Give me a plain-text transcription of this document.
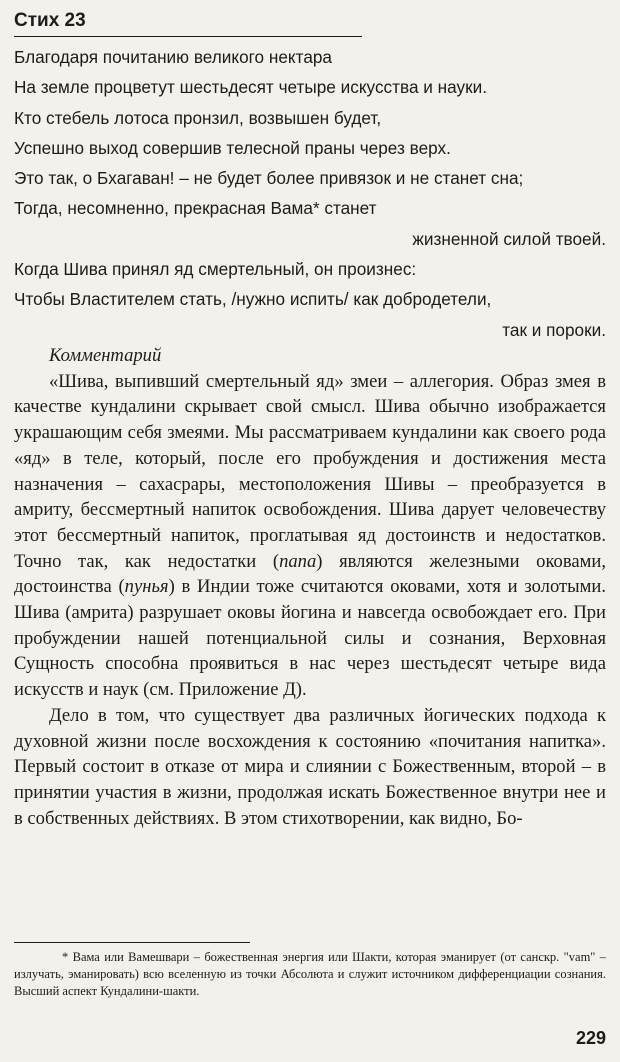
Стих 23
Благодаря почитанию великого нектара
На земле процветут шестьдесят четыре искусства и науки.
Кто стебель лотоса пронзил, возвышен будет,
Успешно выход совершив телесной праны через верх.
Это так, о Бхагаван! – не будет более привязок и не станет сна;
Тогда, несомненно, прекрасная Вама* станет
жизненной силой твоей.
Когда Шива принял яд смертельный, он произнес:
Чтобы Властителем стать, /нужно испить/ как добродетели,
так и пороки.

Комментарий

«Шива, выпивший смертельный яд» змеи – аллегория. Образ змея в качестве кундалини скрывает свой смысл. Шива обычно изображается украшающим себя змеями. Мы рассматриваем кундалини как своего рода «яд» в теле, который, после его пробуждения и достижения места назначения – сахасрары, местоположения Шивы – преобразуется в амриту, бессмертный напиток освобождения. Шива дарует человечеству этот бессмертный напиток, проглатывая яд достоинств и недостатков. Точно так, как недостатки (папа) являются железными оковами, достоинства (пунья) в Индии тоже считаются оковами, хотя и золотыми. Шива (амрита) разрушает оковы йогина и навсегда освобождает его. При пробуждении нашей потенциальной силы и сознания, Верховная Сущность способна проявиться в нас через шестьдесят четыре вида искусств и наук (см. Приложение Д).

Дело в том, что существует два различных йогических подхода к духовной жизни после восхождения к состоянию «почитания напитка». Первый состоит в отказе от мира и слиянии с Божественным, второй – в принятии участия в жизни, продолжая искать Божественное внутри нее и в собственных действиях. В этом стихотворении, как видно, Бо-

* Вама или Вамешвари – божественная энергия или Шакти, которая эманирует (от санскр. "vam" – излучать, эманировать) всю вселенную из точки Абсолюта и служит источником дифференциации сознания. Высший аспект Кундалини-шакти.

229
